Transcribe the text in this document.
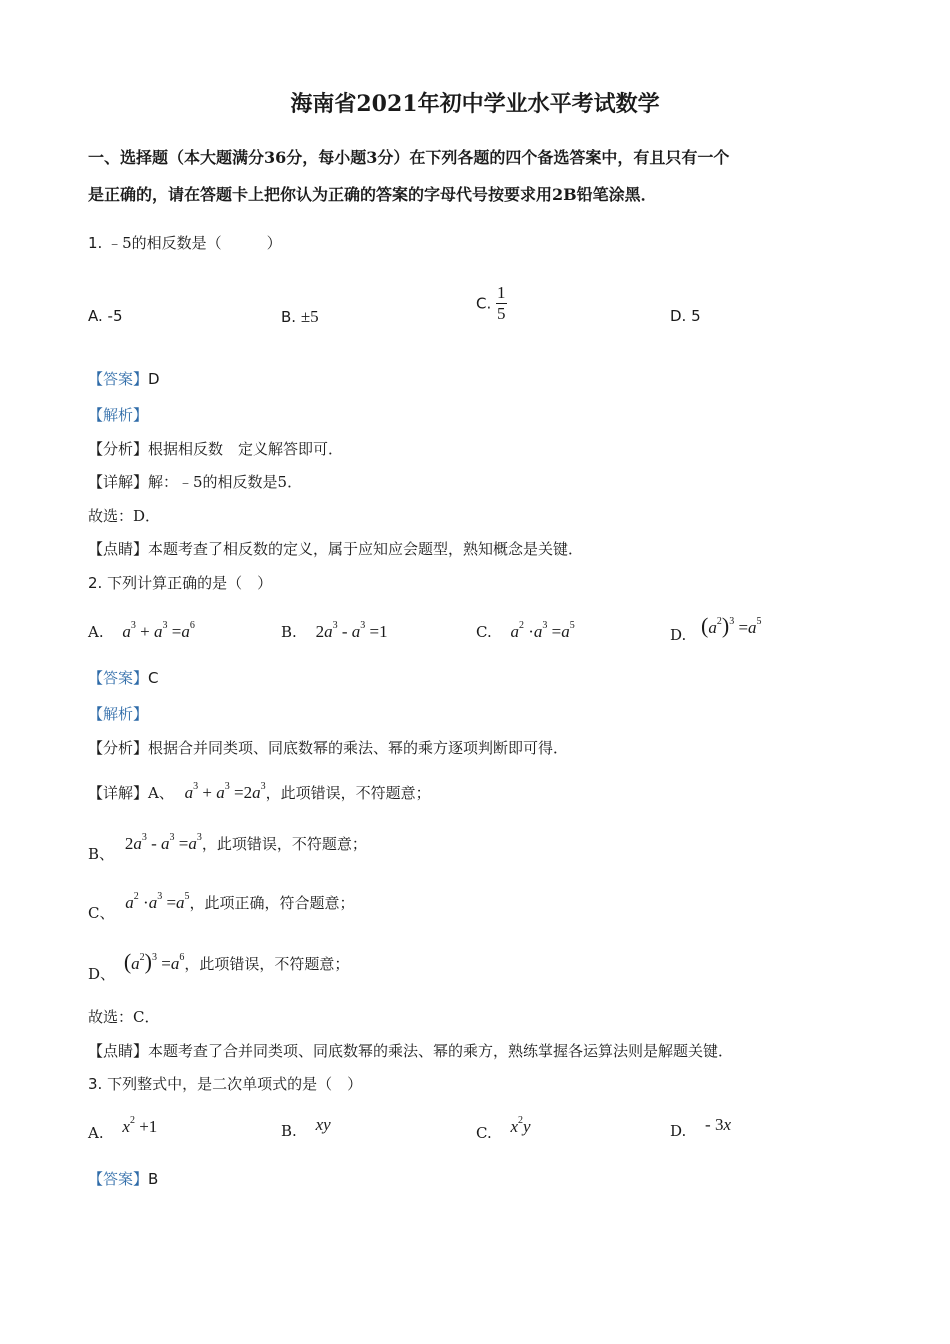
海南省2021年初中学业水平考试数学
一、选择题（本大题满分36分，每小题3分）在下列各题的四个备选答案中，有且只有一个
是正确的，请在答题卡上把你认为正确的答案的字母代号按要求用2B铅笔涂黑．
1. ﹣5的相反数是（　　　）
A. -5	B. ±5
C. $\frac{1}{5}$	D. 5
【答案】D
【解析】
【分析】根据相反数　定义解答即可．
【详解】解：﹣5的相反数是5．
故选：D．
【点睛】本题考查了相反数的定义，属于应知应会题型，熟知概念是关键．
2. 下列计算正确的是（　）
A. $a^3 + a^3 =a^6$	B. $2a^3 - a^3 =1$	C. $a^2 \cdot a^3 =a^5$
D. $(a^2)^3 =a^5$
【答案】C
【解析】
【分析】根据合并同类项、同底数幂的乘法、幂的乘方逐项判断即可得．
【详解】A、 $a^3 + a^3 =2a^3$，此项错误，不符题意；
B、 $2a^3 - a^3 =a^3$，此项错误，不符题意；
C、 $a^2 \cdot a^3 =a^5$，此项正确，符合题意；
D、 $(a^2)^3 =a^6$，此项错误，不符题意；
故选：C．
【点睛】本题考查了合并同类项、同底数幂的乘法、幂的乘方，熟练掌握各运算法则是解题关键．
3. 下列整式中，是二次单项式的是（　）
A. $x^2 +1$	B. xy	C. $x^2y$	D. - 3x
【答案】B
